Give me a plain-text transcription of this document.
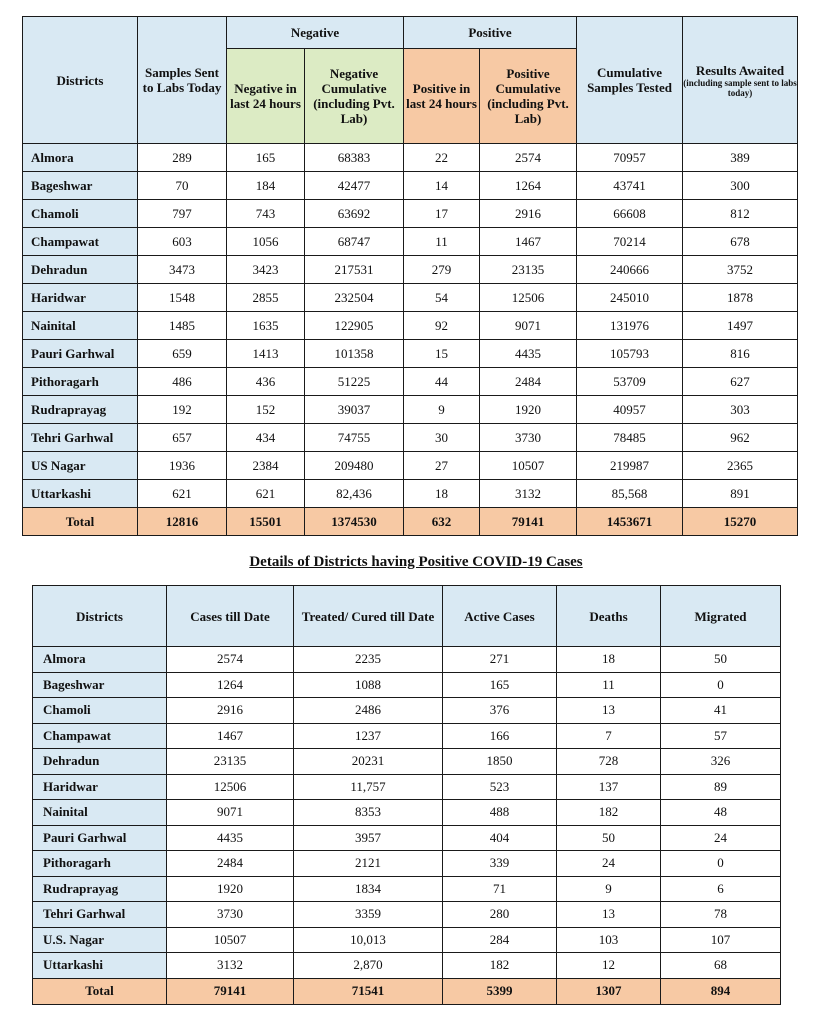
Districts	Samples Sent to Labs Today	Negative		Positive		Cumulative Samples Tested	Results Awaited
(including sample sent to labs today)

		Negative in last 24 hours	Negative Cumulative (including Pvt. Lab)	Positive in last 24 hours	Positive Cumulative (including Pvt. Lab)		
Almora	289	165	68383	22	2574	70957	389
Bageshwar	70	184	42477	14	1264	43741	300
Chamoli	797	743	63692	17	2916	66608	812
Champawat	603	1056	68747	11	1467	70214	678
Dehradun	3473	3423	217531	279	23135	240666	3752
Haridwar	1548	2855	232504	54	12506	245010	1878
Nainital	1485	1635	122905	92	9071	131976	1497
Pauri Garhwal	659	1413	101358	15	4435	105793	816
Pithoragarh	486	436	51225	44	2484	53709	627
Rudraprayag	192	152	39037	9	1920	40957	303
Tehri Garhwal	657	434	74755	30	3730	78485	962
US Nagar	1936	2384	209480	27	10507	219987	2365
Uttarkashi	621	621	82,436	18	3132	85,568	891
Total	12816	15501	1374530	632	79141	1453671	15270
Details of Districts having Positive COVID-19 Cases
Districts	Cases till Date	Treated/ Cured till Date	Active Cases	Deaths	Migrated
Almora	2574	2235	271	18	50
Bageshwar	1264	1088	165	11	0
Chamoli	2916	2486	376	13	41
Champawat	1467	1237	166	7	57
Dehradun	23135	20231	1850	728	326
Haridwar	12506	11,757	523	137	89
Nainital	9071	8353	488	182	48
Pauri Garhwal	4435	3957	404	50	24
Pithoragarh	2484	2121	339	24	0
Rudraprayag	1920	1834	71	9	6
Tehri Garhwal	3730	3359	280	13	78
U.S. Nagar	10507	10,013	284	103	107
Uttarkashi	3132	2,870	182	12	68
Total	79141	71541	5399	1307	894
